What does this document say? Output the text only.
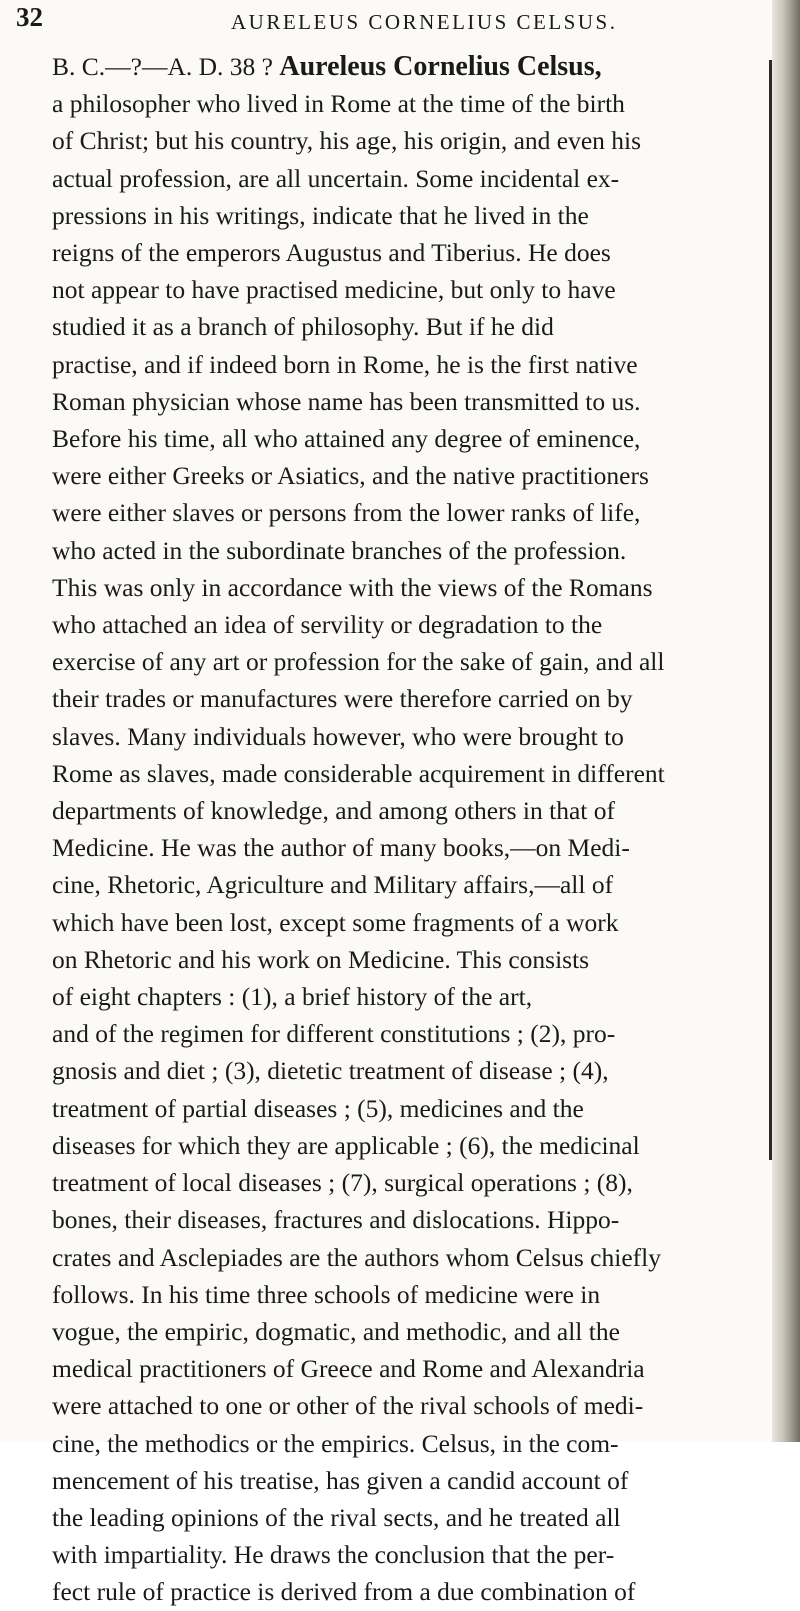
32	AURELEUS CORNELIUS CELSUS.
B. C.—?—A. D. 38 ? Aureleus Cornelius Celsus,
a philosopher who lived in Rome at the time of the birth
of Christ; but his country, his age, his origin, and even his
actual profession, are all uncertain. Some incidental ex-
pressions in his writings, indicate that he lived in the
reigns of the emperors Augustus and Tiberius. He does
not appear to have practised medicine, but only to have
studied it as a branch of philosophy. But if he did
practise, and if indeed born in Rome, he is the first native
Roman physician whose name has been transmitted to us.
Before his time, all who attained any degree of eminence,
were either Greeks or Asiatics, and the native practitioners
were either slaves or persons from the lower ranks of life,
who acted in the subordinate branches of the profession.
This was only in accordance with the views of the Romans
who attached an idea of servility or degradation to the
exercise of any art or profession for the sake of gain, and all
their trades or manufactures were therefore carried on by
slaves. Many individuals however, who were brought to
Rome as slaves, made considerable acquirement in different
departments of knowledge, and among others in that of
Medicine. He was the author of many books,—on Medi-
cine, Rhetoric, Agriculture and Military affairs,—all of
which have been lost, except some fragments of a work
on Rhetoric and his work on Medicine. This consists
of eight chapters : (1), a brief history of the art,
and of the regimen for different constitutions ; (2), pro-
gnosis and diet ; (3), dietetic treatment of disease ; (4),
treatment of partial diseases ; (5), medicines and the
diseases for which they are applicable ; (6), the medicinal
treatment of local diseases ; (7), surgical operations ; (8),
bones, their diseases, fractures and dislocations. Hippo-
crates and Asclepiades are the authors whom Celsus chiefly
follows. In his time three schools of medicine were in
vogue, the empiric, dogmatic, and methodic, and all the
medical practitioners of Greece and Rome and Alexandria
were attached to one or other of the rival schools of medi-
cine, the methodics or the empirics. Celsus, in the com-
mencement of his treatise, has given a candid account of
the leading opinions of the rival sects, and he treated all
with impartiality. He draws the conclusion that the per-
fect rule of practice is derived from a due combination of
